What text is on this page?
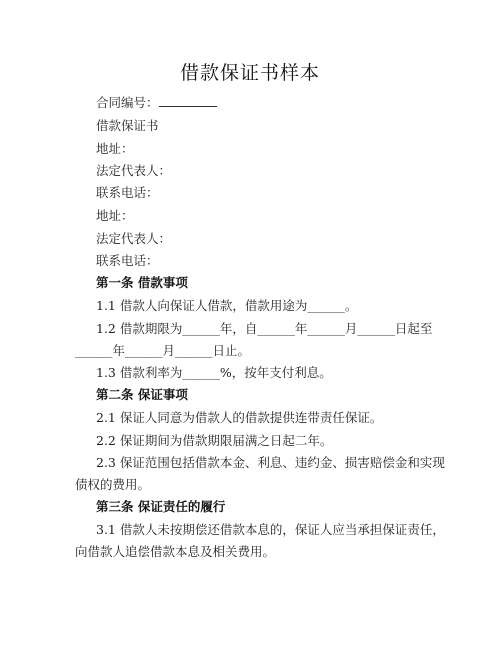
借款保证书样本
合同编号：
借款保证书
地址：
法定代表人：
联系电话：
地址：
法定代表人：
联系电话：
第一条 借款事项
1.1 借款人向保证人借款，借款用途为______。
1.2 借款期限为______年，自______年______月______日起至
______年______月______日止。
1.3 借款利率为______%，按年支付利息。
第二条 保证事项
2.1 保证人同意为借款人的借款提供连带责任保证。
2.2 保证期间为借款期限届满之日起二年。
2.3 保证范围包括借款本金、利息、违约金、损害赔偿金和实现
债权的费用。
第三条 保证责任的履行
3.1 借款人未按期偿还借款本息的，保证人应当承担保证责任，
向借款人追偿借款本息及相关费用。
